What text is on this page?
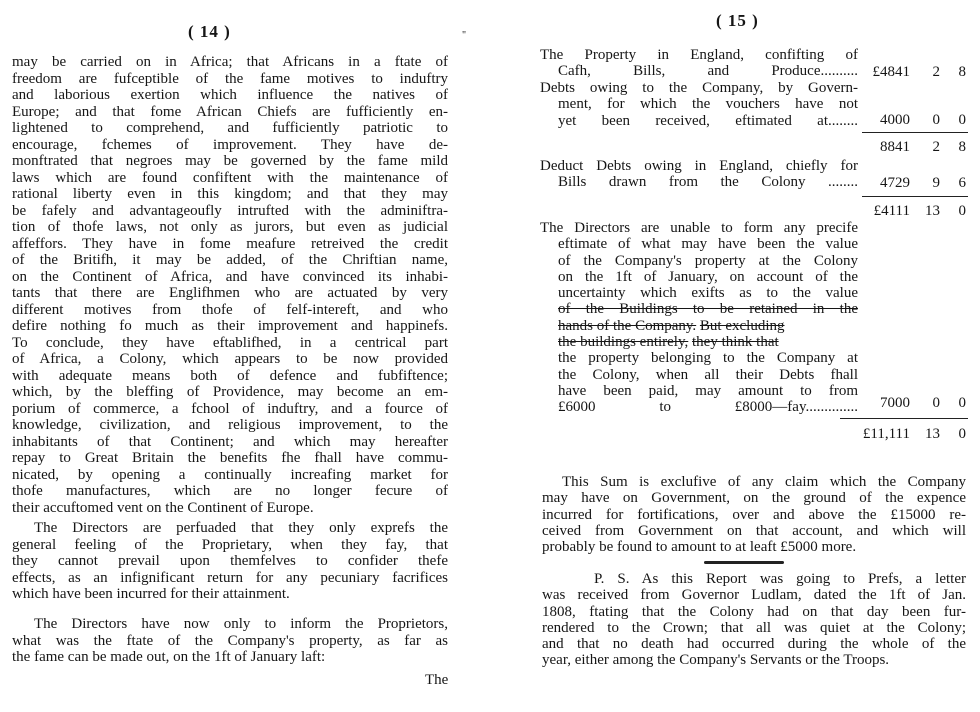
( 14 )	"
may be carried on in Africa; that Africans in a ftate of
freedom are fufceptible of the fame motives to induftry
and laborious exertion which influence the natives of
Europe; and that fome African Chiefs are fufficiently en-
lightened to comprehend, and fufficiently patriotic to
encourage, fchemes of improvement. They have de-
monftrated that negroes may be governed by the fame mild
laws which are found confiftent with the maintenance of
rational liberty even in this kingdom; and that they may
be fafely and advantageoufly intrufted with the adminiftra-
tion of thofe laws, not only as jurors, but even as judicial
affeffors. They have in fome meafure retreived the credit
of the Britifh, it may be added, of the Chriftian name,
on the Continent of Africa, and have convinced its inhabi-
tants that there are Englifhmen who are actuated by very
different motives from thofe of felf-intereft, and who
defire nothing fo much as their improvement and happinefs.
To conclude, they have eftablifhed, in a centrical part
of Africa, a Colony, which appears to be now provided
with adequate means both of defence and fubfiftence;
which, by the bleffing of Providence, may become an em-
porium of commerce, a fchool of induftry, and a fource of
knowledge, civilization, and religious improvement, to the
inhabitants of that Continent; and which may hereafter
repay to Great Britain the benefits fhe fhall have commu-
nicated, by opening a continually increafing market for
thofe manufactures, which are no longer fecure of
their accuftomed vent on the Continent of Europe.
The Directors are perfuaded that they only exprefs the
general feeling of the Proprietary, when they fay, that
they cannot prevail upon themfelves to confider thefe
effects, as an infignificant return for any pecuniary facrifices
which have been incurred for their attainment.
The Directors have now only to inform the Proprietors,
what was the ftate of the Company's property, as far as
the fame can be made out, on the 1ft of January laft:
The
( 15 )
The Property in England, confifting of
Cafh, Bills, and Produce.......... £4841 2 8
Debts owing to the Company, by Govern-
ment, for which the vouchers have not
yet been received, eftimated at........	4000 0 0
8841 2 8
Deduct Debts owing in England, chiefly for
Bills drawn from the Colony ........	4729 9 6
£4111 13 0
The Directors are unable to form any precife
eftimate of what may have been the value
of the Company's property at the Colony
on the 1ft of January, on account of the
uncertainty which exifts as to the value
of the Buildings to be retained in the
hands of the Company. But excluding
the buildings entirely, they think that
the property belonging to the Company at
the Colony, when all their Debts fhall
have been paid, may amount to from
£6000 to £8000—fay..............	7000 0 0
£11,111 13 0
This Sum is exclufive of any claim which the Company
may have on Government, on the ground of the expence
incurred for fortifications, over and above the £15000 re-
ceived from Government on that account, and which will
probably be found to amount to at leaft £5000 more.
P. S. As this Report was going to Prefs, a letter
was received from Governor Ludlam, dated the 1ft of Jan.
1808, ftating that the Colony had on that day been fur-
rendered to the Crown; that all was quiet at the Colony;
and that no death had occurred during the whole of the
year, either among the Company's Servants or the Troops.
